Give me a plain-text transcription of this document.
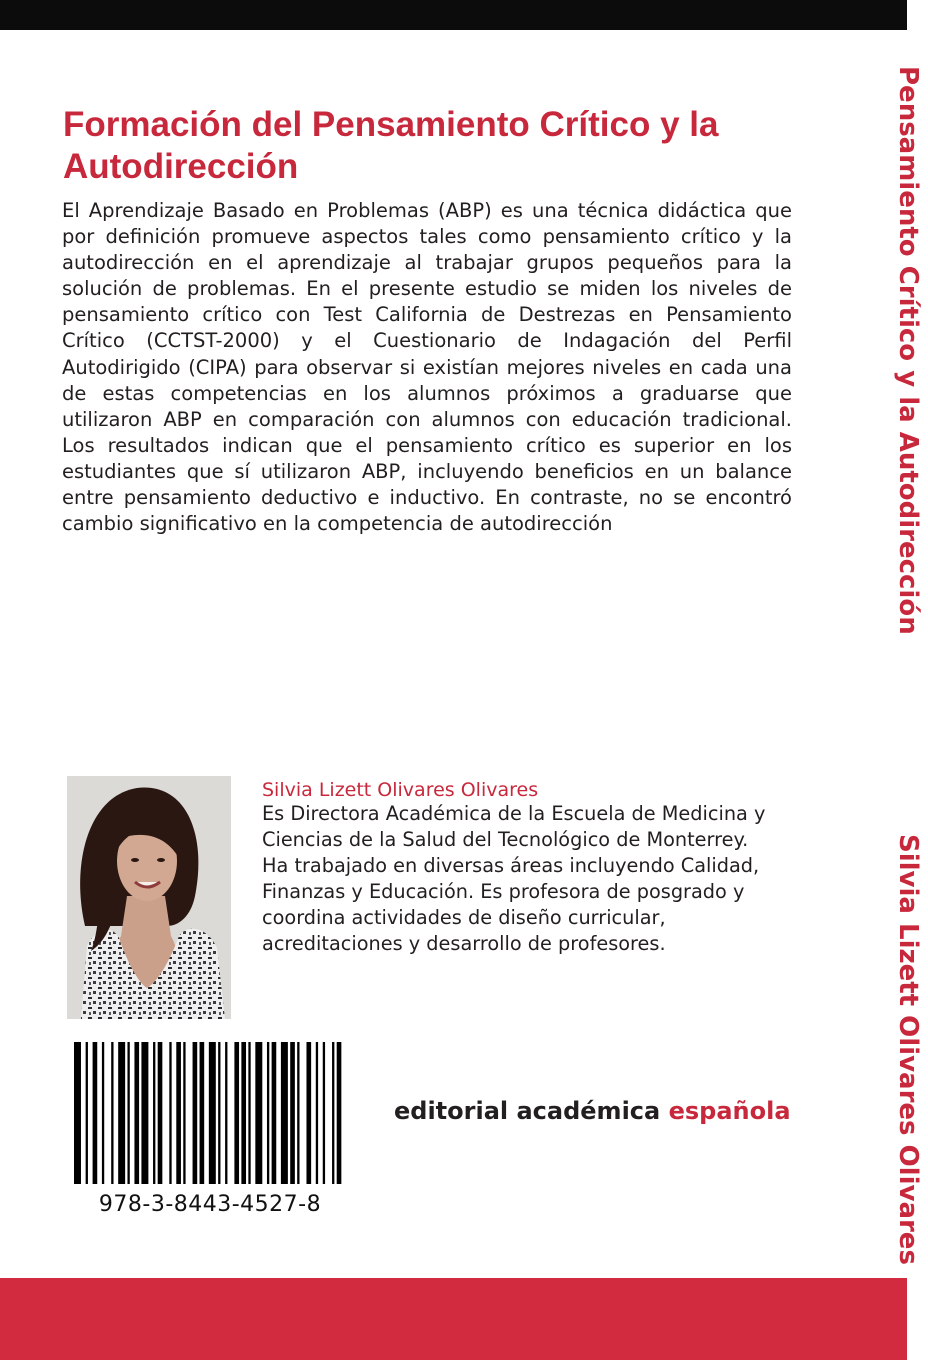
Pensamiento Crítico y la Autodirección
Silvia Lizett Olivares Olivares
Formación del Pensamiento Crítico y la Autodirección

El Aprendizaje Basado en Problemas (ABP) es una técnica didáctica que por definición promueve aspectos tales como pensamiento crítico y la autodirección en el aprendizaje al trabajar grupos pequeños para la solución de problemas. En el presente estudio se miden los niveles de pensamiento crítico con Test California de Destrezas en Pensamiento Crítico (CCTST-2000) y el Cuestionario de Indagación del Perfil Autodirigido (CIPA) para observar si existían mejores niveles en cada una de estas competencias en los alumnos próximos a graduarse que utilizaron ABP en comparación con alumnos con educación tradicional. Los resultados indican que el pensamiento crítico es superior en los estudiantes que sí utilizaron ABP, incluyendo beneficios en un balance entre pensamiento deductivo e inductivo. En contraste, no se encontró cambio significativo en la competencia de autodirección

Silvia Lizett Olivares Olivares

Es Directora Académica de la Escuela de Medicina y
Ciencias de la Salud del Tecnológico de Monterrey.
Ha trabajado en diversas áreas incluyendo Calidad,
Finanzas y Educación. Es profesora de posgrado y
coordina actividades de diseño curricular,
acreditaciones y desarrollo de profesores.

978-3-8443-4527-8
editorial académica española
